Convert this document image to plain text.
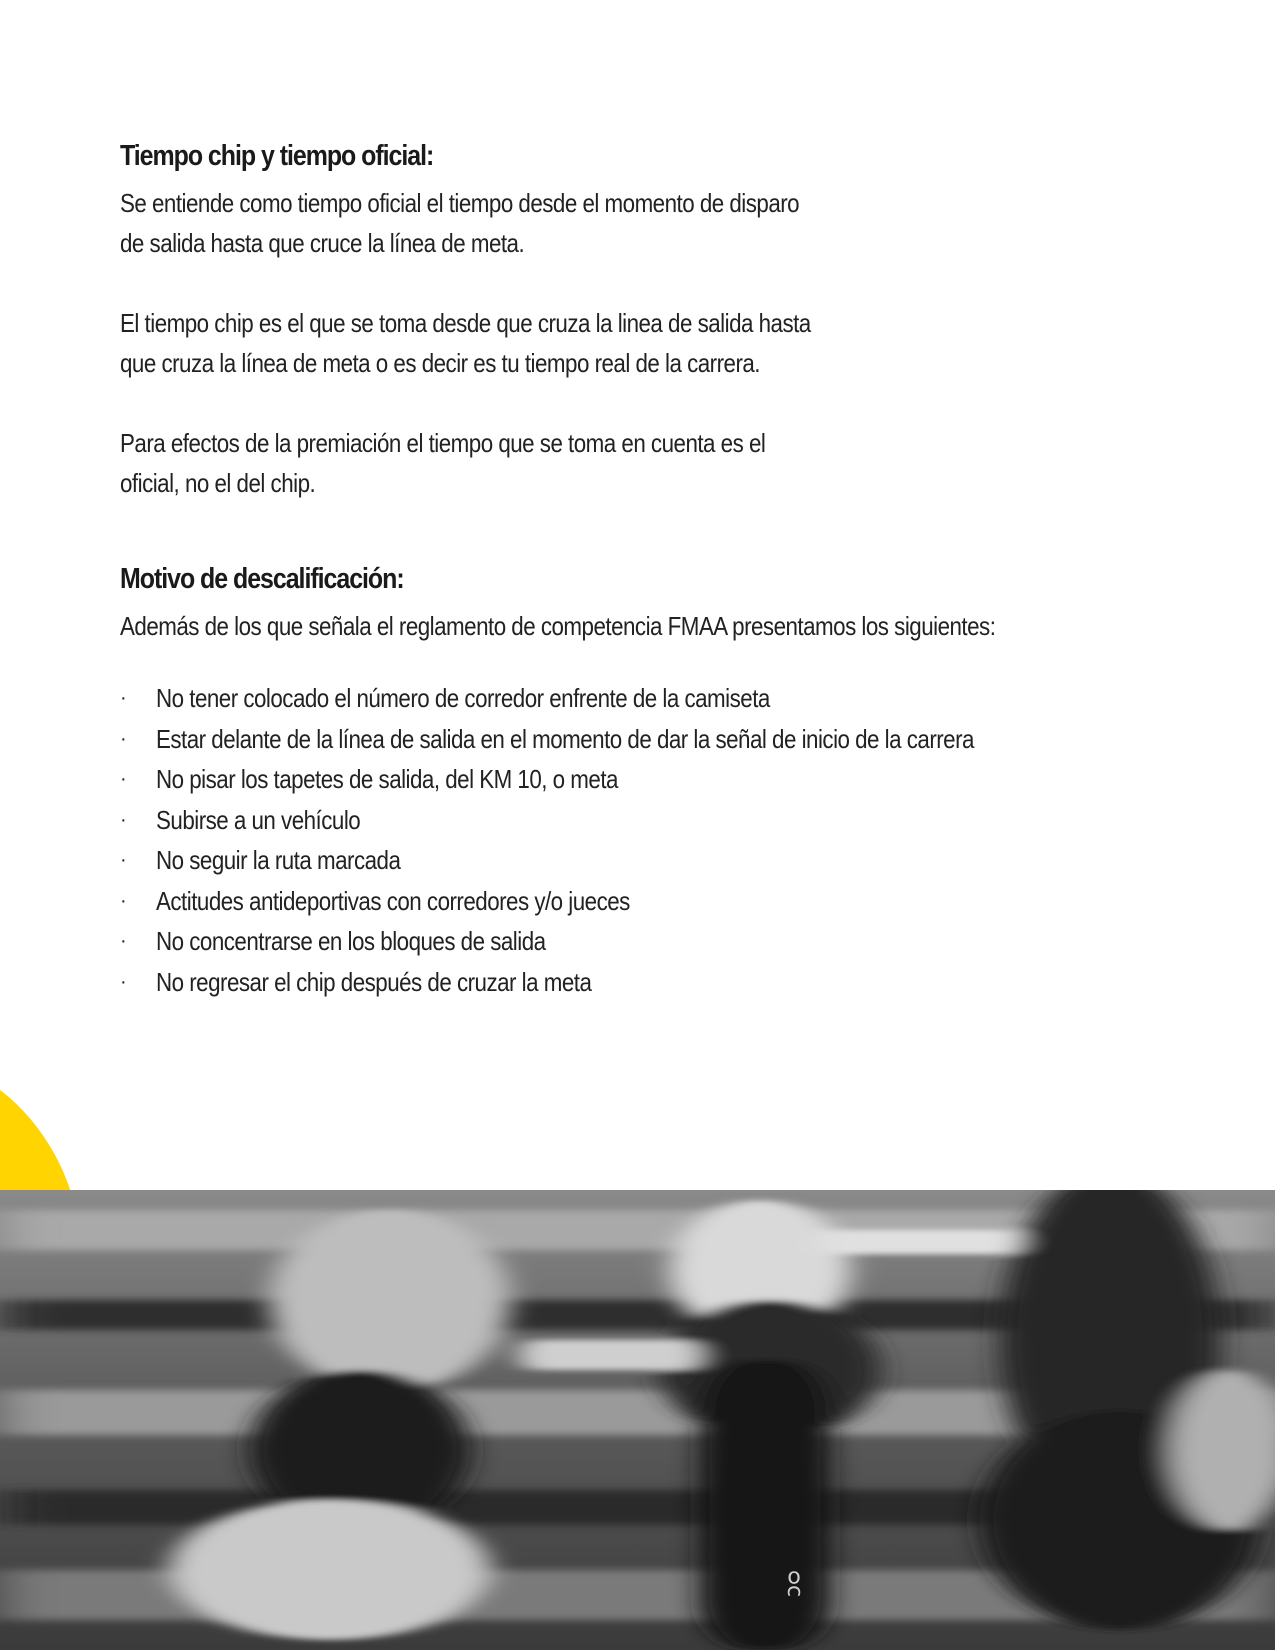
Tiempo chip y tiempo oficial:

Se entiende como tiempo oficial el tiempo desde el momento de disparo de salida hasta que cruce la línea de meta.

El tiempo chip es el que se toma desde que cruza la linea de salida hasta que cruza la línea de meta o es decir es tu tiempo real de la carrera.

Para efectos de la premiación el tiempo que se toma en cuenta es el oficial, no el del chip.

Motivo de descalificación:

Además de los que señala el reglamento de competencia FMAA presentamos los siguientes:

· No tener colocado el número de corredor enfrente de la camiseta
· Estar delante de la línea de salida en el momento de dar la señal de inicio de la carrera
· No pisar los tapetes de salida, del KM 10, o meta
· Subirse a un vehículo
· No seguir la ruta marcada
· Actitudes antideportivas con corredores y/o jueces
· No concentrarse en los bloques de salida
· No regresar el chip después de cruzar la meta
ᴑc
